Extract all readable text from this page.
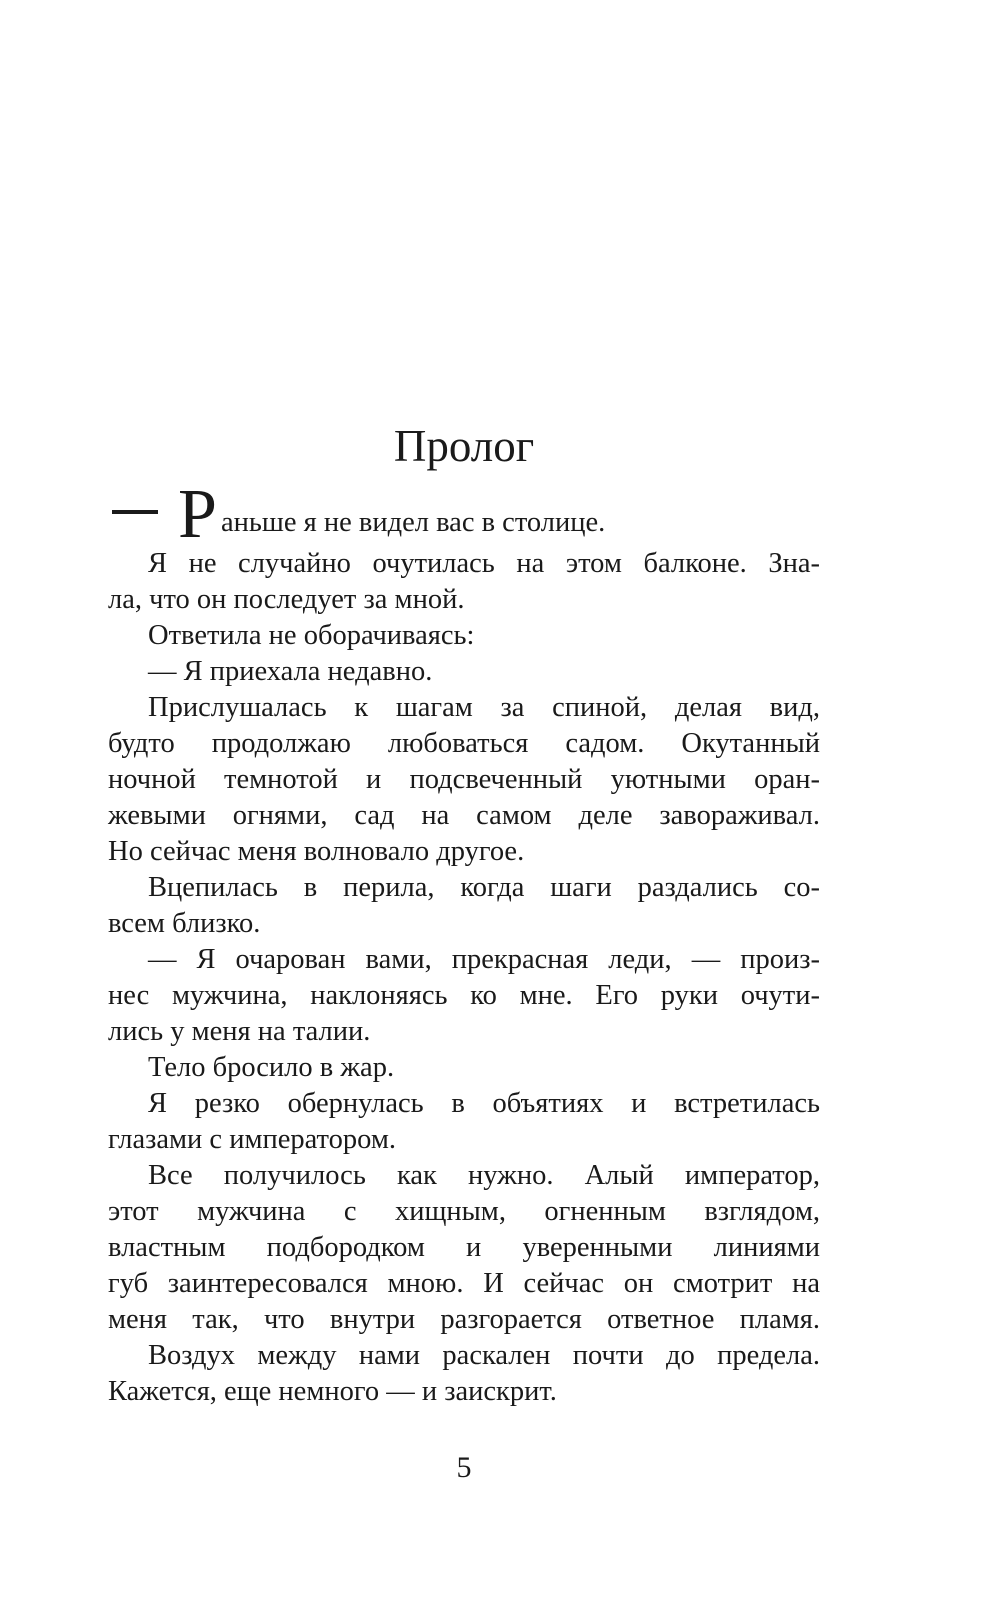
Пролог
Р аньше я не видел вас в столице.
Я не случайно очутилась на этом балконе. Зна-
ла, что он последует за мной.
Ответила не оборачиваясь:
— Я приехала недавно.
Прислушалась к шагам за спиной, делая вид,
будто продолжаю любоваться садом. Окутанный
ночной темнотой и подсвеченный уютными оран-
жевыми огнями, сад на самом деле завораживал.
Но сейчас меня волновало другое.
Вцепилась в перила, когда шаги раздались со-
всем близко.
— Я очарован вами, прекрасная леди, — произ-
нес мужчина, наклоняясь ко мне. Его руки очути-
лись у меня на талии.
Тело бросило в жар.
Я резко обернулась в объятиях и встретилась
глазами с императором.
Все получилось как нужно. Алый император,
этот мужчина с хищным, огненным взглядом,
властным подбородком и уверенными линиями
губ заинтересовался мною. И сейчас он смотрит на
меня так, что внутри разгорается ответное пламя.
Воздух между нами раскален почти до предела.
Кажется, еще немного — и заискрит.
5
